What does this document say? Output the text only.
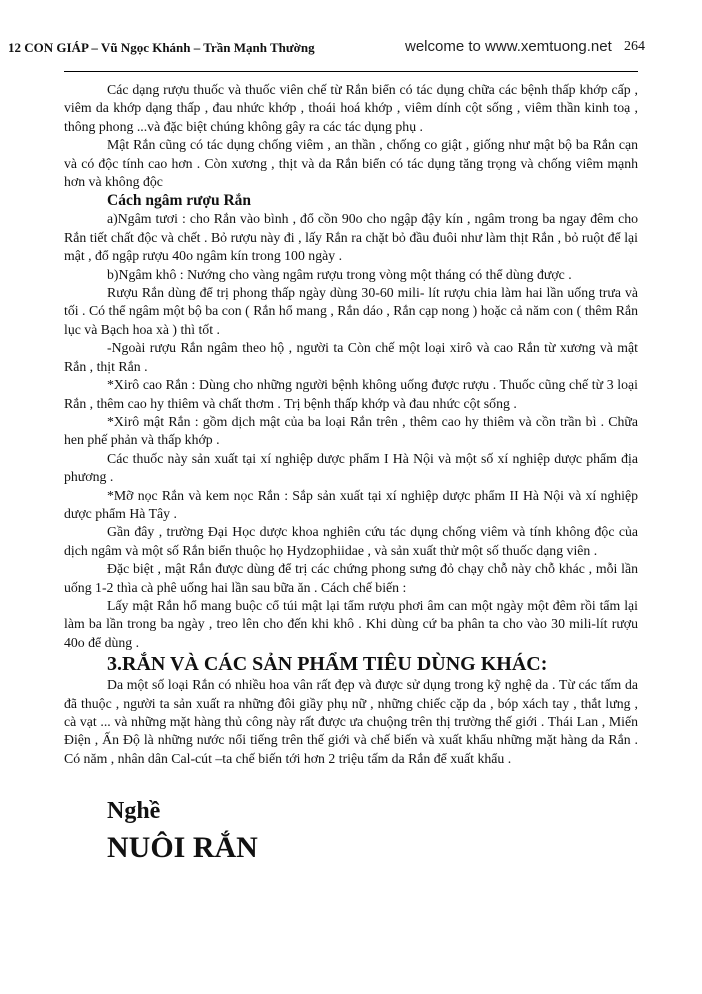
12 CON GIÁP – Vũ Ngọc Khánh – Trần Mạnh Thường	welcome to www.xemtuong.net 264

Các dạng rượu thuốc và thuốc viên chế từ Rắn biển có tác dụng chữa các bệnh thấp khớp cấp , viêm da khớp dạng thấp , đau nhức khớp , thoái hoá khớp , viêm dính cột sống , viêm thần kinh toạ , thông phong ...và đặc biệt chúng không gây ra các tác dụng phụ .

Mật Rắn cũng có tác dụng chống viêm , an thần , chống co giật , giống như mật bộ ba Rắn cạn và có độc tính cao hơn . Còn xương , thịt và da Rắn biển có tác dụng tăng trọng và chống viêm mạnh hơn và không độc

Cách ngâm rượu Rắn

a)Ngâm tươi : cho Rắn vào bình , đổ cồn 90o cho ngập đậy kín , ngâm trong ba ngay đêm cho Rắn tiết chất độc và chết . Bỏ rượu này đi , lấy Rắn ra chặt bỏ đầu đuôi như làm thịt Rắn , bỏ ruột để lại mật , đổ ngập rượu 40o ngâm kín trong 100 ngày .

b)Ngâm khô : Nướng cho vàng ngâm rượu trong vòng một tháng có thể dùng được .

Rượu Rắn dùng để trị phong thấp ngày dùng 30-60 mili- lít rượu chia làm hai lần uống trưa và tối . Có thể ngâm một bộ ba con ( Rắn hổ mang , Rắn dáo , Rắn cạp nong ) hoặc cả năm con ( thêm Rắn lục và Bạch hoa xà ) thì tốt .

-Ngoài rượu Rắn ngâm theo hộ , người ta Còn chế một loại xirô và cao Rắn từ xương và mật Rắn , thịt Rắn .

*Xirô cao Rắn : Dùng cho những người bệnh không uống được rượu . Thuốc cũng chế từ 3 loại Rắn , thêm cao hy thiêm và chất thơm . Trị bệnh thấp khớp và đau nhức cột sống .

*Xirô mật Rắn : gồm dịch mật của ba loại Rắn trên , thêm cao hy thiêm và cồn trần bì . Chữa hen phế phản và thấp khớp .

Các thuốc này sản xuất tại xí nghiệp dược phẩm I Hà Nội và một số xí nghiệp dược phẩm địa phương .

*Mỡ nọc Rắn và kem nọc Rắn : Sắp sản xuất tại xí nghiệp dược phẩm II Hà Nội và xí nghiệp dược phẩm Hà Tây .

Gần đây , trường Đại Học dược khoa nghiên cứu tác dụng chống viêm và tính không độc của dịch ngâm và một số Rắn biển thuộc họ Hydzophiidae , và sản xuất thử một số thuốc dạng viên .

Đặc biệt , mật Rắn được dùng để trị các chứng phong sưng đỏ chạy chỗ này chỗ khác , mỗi lần uống 1-2 thìa cà phê uống hai lần sau bữa ăn . Cách chế biến :

Lấy mật Rắn hổ mang buộc cổ túi mật lại tẩm rượu phơi âm can một ngày một đêm rồi tẩm lại làm ba lần trong ba ngày , treo lên cho đến khi khô . Khi dùng cứ ba phân ta cho vào 30 mili-lít rượu 40o để dùng .

3.RẮN VÀ CÁC SẢN PHẨM TIÊU DÙNG KHÁC:

Da một số loại Rắn có nhiều hoa vân rất đẹp và được sử dụng trong kỹ nghệ da . Từ các tấm da đã thuộc , người ta sản xuất ra những đôi giầy phụ nữ , những chiếc cặp da , bóp xách tay , thắt lưng , cà vạt ... và những mặt hàng thủ công này rất được ưa chuộng trên thị trường thế giới . Thái Lan , Miến Điện , Ấn Độ là những nước nổi tiếng trên thế giới và chế biến và xuất khẩu những mặt hàng da Rắn . Có năm , nhân dân Cal-cút –ta chế biến tới hơn 2 triệu tấm da Rắn để xuất khẩu .

Nghề
NUÔI RẮN
